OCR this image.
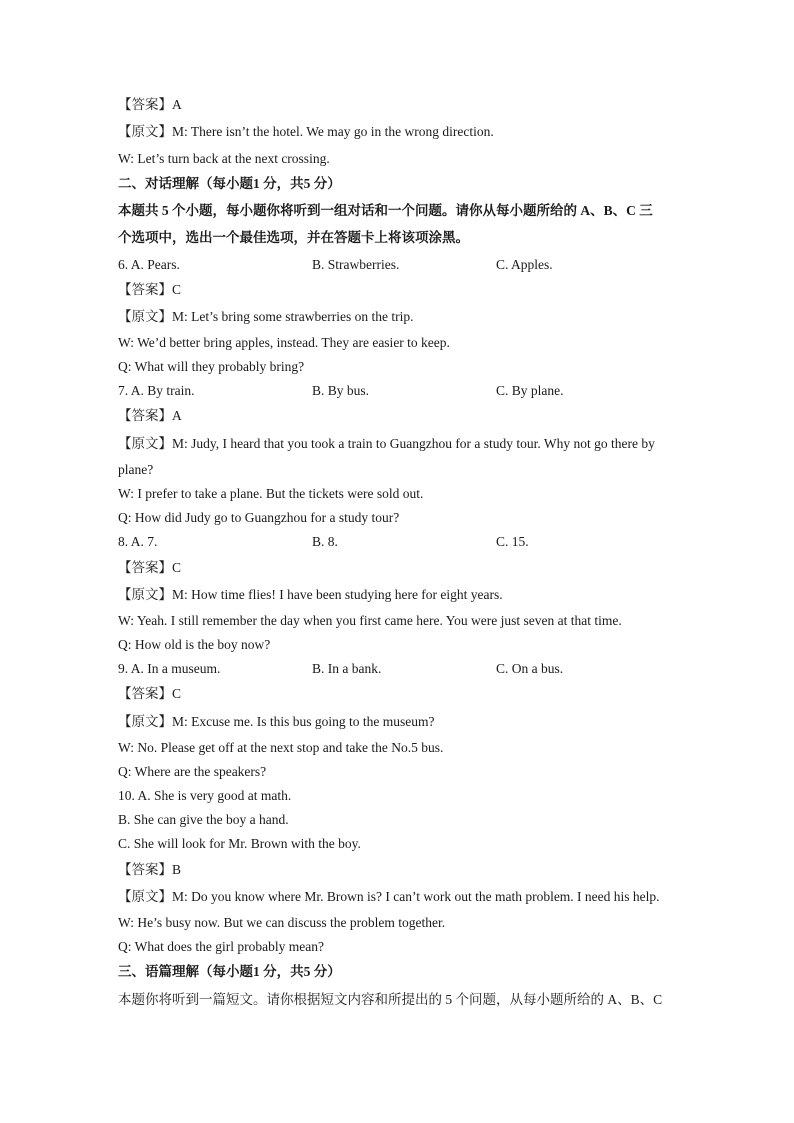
【答案】A
【原文】M: There isn’t the hotel. We may go in the wrong direction.
W: Let’s turn back at the next crossing.
二、对话理解（每小题1 分，共5 分）
本题共 5 个小题，每小题你将听到一组对话和一个问题。请你从每小题所给的 A、B、C 三
个选项中，选出一个最佳选项，并在答题卡上将该项涂黑。
6. A. Pears.	B. Strawberries.	C. Apples.
【答案】C
【原文】M: Let’s bring some strawberries on the trip.
W: We’d better bring apples, instead. They are easier to keep.
Q: What will they probably bring?
7. A. By train.	B. By bus.	C. By plane.
【答案】A
【原文】M: Judy, I heard that you took a train to Guangzhou for a study tour. Why not go there by
plane?
W: I prefer to take a plane. But the tickets were sold out.
Q: How did Judy go to Guangzhou for a study tour?
8. A. 7.	B. 8.	C. 15.
【答案】C
【原文】M: How time flies! I have been studying here for eight years.
W: Yeah. I still remember the day when you first came here. You were just seven at that time.
Q: How old is the boy now?
9. A. In a museum.	B. In a bank.	C. On a bus.
【答案】C
【原文】M: Excuse me. Is this bus going to the museum?
W: No. Please get off at the next stop and take the No.5 bus.
Q: Where are the speakers?
10. A. She is very good at math.
B. She can give the boy a hand.
C. She will look for Mr. Brown with the boy.
【答案】B
【原文】M: Do you know where Mr. Brown is? I can’t work out the math problem. I need his help.
W: He’s busy now. But we can discuss the problem together.
Q: What does the girl probably mean?
三、语篇理解（每小题1 分，共5 分）
本题你将听到一篇短文。请你根据短文内容和所提出的 5 个问题，从每小题所给的 A、B、C
